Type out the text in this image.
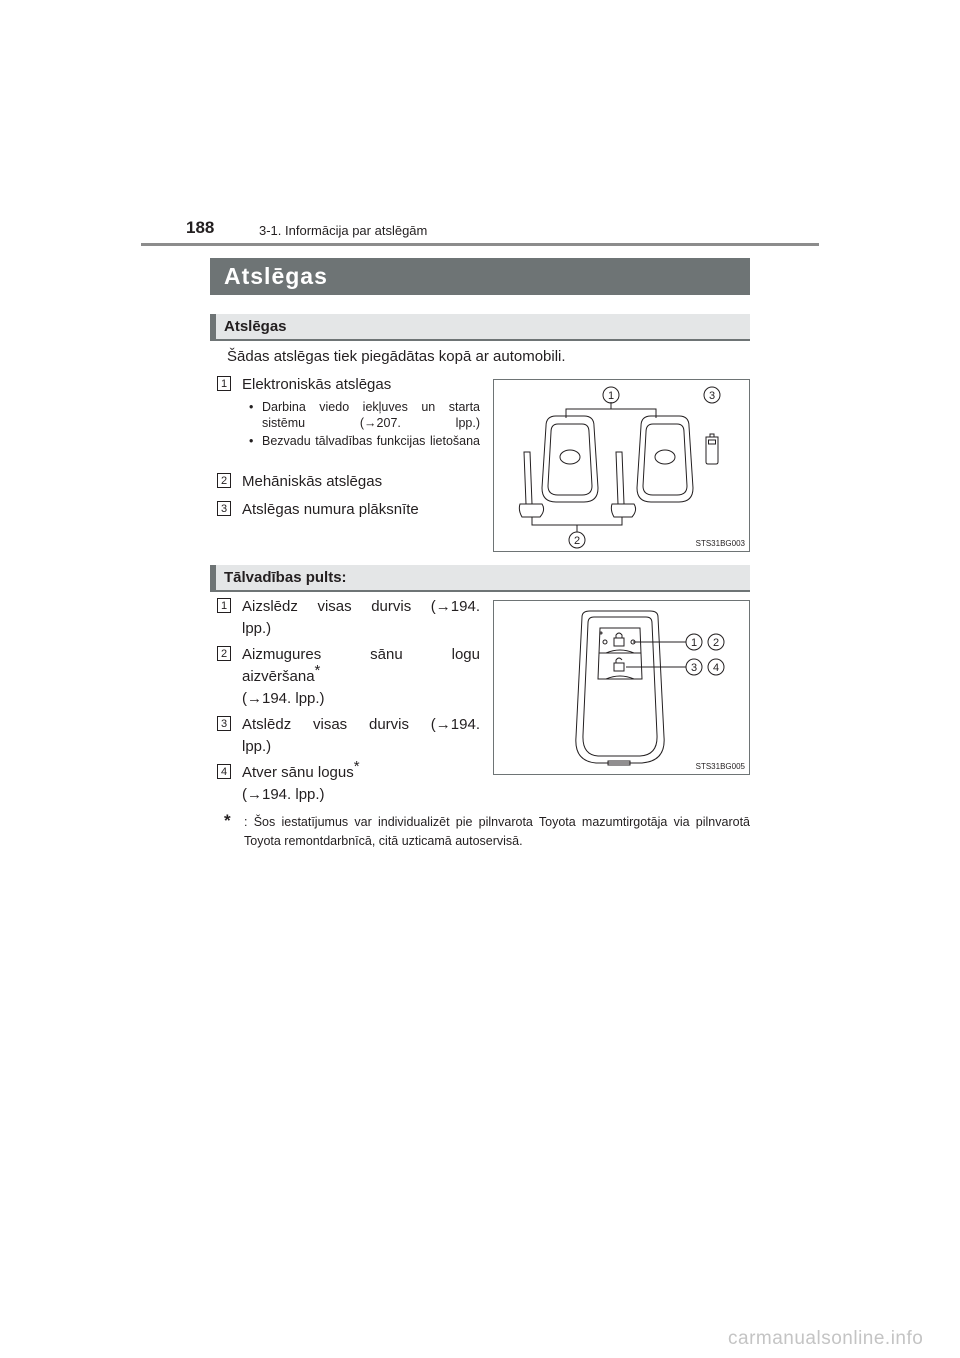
188	3-1. Informācija par atslēgām
Atslēgas
Atslēgas
Šādas atslēgas tiek piegādātas kopā ar automobili.
1 Elektroniskās atslēgas
• Darbina viedo iekļuves un starta sistēmu (→207. lpp.)
• Bezvadu tālvadības funkcijas lietošana
2 Mehāniskās atslēgas
3 Atslēgas numura plāksnīte
1	3
2	STS31BG003
Tālvadības pults:
1 Aizslēdz visas durvis (→194.
lpp.)
2 Aizmugures sānu logu
aizvēršana*
(→194. lpp.)
3 Atslēdz visas durvis (→194.
lpp.)
4 Atver sānu logus*
(→194. lpp.)
1 2
3 4
STS31BG005
* : Šos iestatījumus var individualizēt pie pilnvarota Toyota mazumtirgotāja via pilnvarotā Toyota remontdarbnīcā, citā uzticamā autoservisā.
carmanualsonline.info
